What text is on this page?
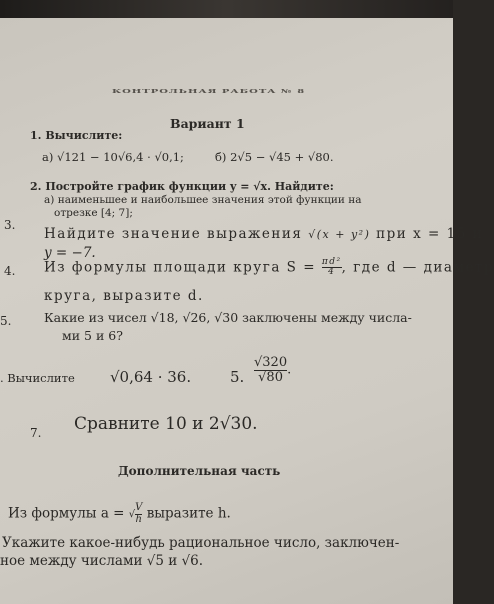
КОНТРОЛЬНАЯ РАБОТА № 8
Вариант 1
1. Вычислите:
а) √121 − 10√6,4 · √0,1;	б) 2√5 − √45 + √80.
2. Постройте график функции y = √x. Найдите:
а) наименьшее и наибольшее значения этой функции на
отрезке [4; 7];
3.
Найдите значение выражения √(x + y²) при x = 15 и
y = −7.
4. Из формулы площади круга $S = \frac{\text{πd²}}{4}$ , где d — диаметр
круга, выразите d.
5.	Какие из чисел √18, √26, √30 заключены между числа-
ми 5 и 6?
. Вычислите √0,64 · 36.	5. $\frac{√320}{√80}$ .
7. Сравните 10 и 2√30.
Дополнительная часть
Из формулы a = √ $\frac{V}{h}$ выразите h.
Укажите какое-нибудь рациональное число, заключен-
ное между числами √5 и √6.
